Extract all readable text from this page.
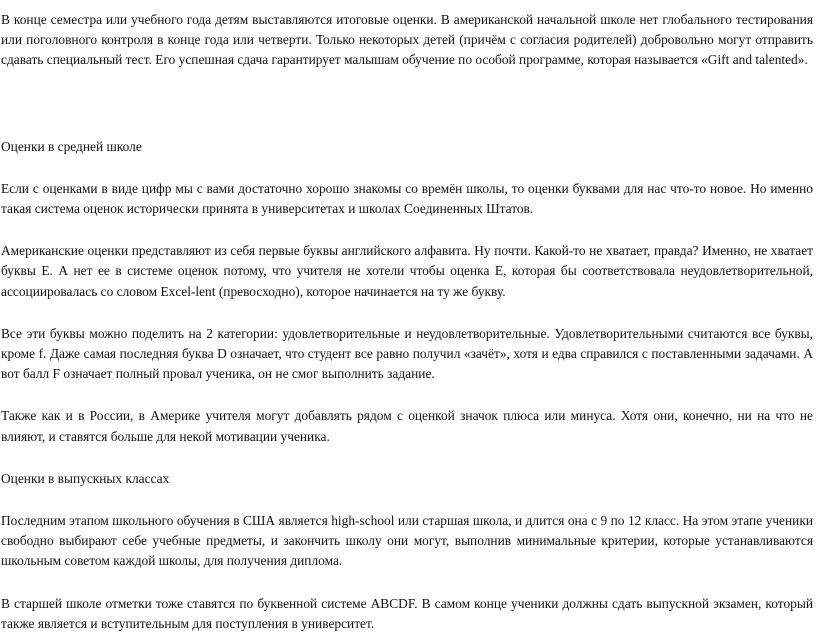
В конце семестра или учебного года детям выставляются итоговые оценки. В американской начальной школе нет глобального тестирования или поголовного контроля в конце года или четверти. Только некоторых детей (причём с согласия родителей) добровольно могут отправить сдавать специальный тест. Его успешная сдача гарантирует малышам обучение по особой программе, которая называется «Gift and talented».

Оценки в средней школе

Если с оценками в виде цифр мы с вами достаточно хорошо знакомы со времён школы, то оценки буквами для нас что-то новое. Но именно такая система оценок исторически принята в университетах и школах Соединенных Штатов.

Американские оценки представляют из себя первые буквы английского алфавита. Ну почти. Какой-то не хватает, правда? Именно, не хватает буквы E. А нет ее в системе оценок потому, что учителя не хотели чтобы оценка E, которая бы соответствовала неудовлетворительной, ассоциировалась со словом Excel-lent (превосходно), которое начинается на ту же букву.

Все эти буквы можно поделить на 2 категории: удовлетворительные и неудовлетворительные. Удовлетворительными считаются все буквы, кроме f. Даже самая последняя буква D означает, что студент все равно получил «зачёт», хотя и едва справился с поставленными задачами. А вот балл F означает полный провал ученика, он не смог выполнить задание.

Также как и в России, в Америке учителя могут добавлять рядом с оценкой значок плюса или минуса. Хотя они, конечно, ни на что не влияют, и ставятся больше для некой мотивации ученика.

Оценки в выпускных классах

Последним этапом школьного обучения в США является high-school или старшая школа, и длится она с 9 по 12 класс. На этом этапе ученики свободно выбирают себе учебные предметы, и закончить школу они могут, выполнив минимальные критерии, которые устанавливаются школьным советом каждой школы, для получения диплома.

В старшей школе отметки тоже ставятся по буквенной системе ABCDF. В самом конце ученики должны сдать выпускной экзамен, который также является и вступительным для поступления в университет.
